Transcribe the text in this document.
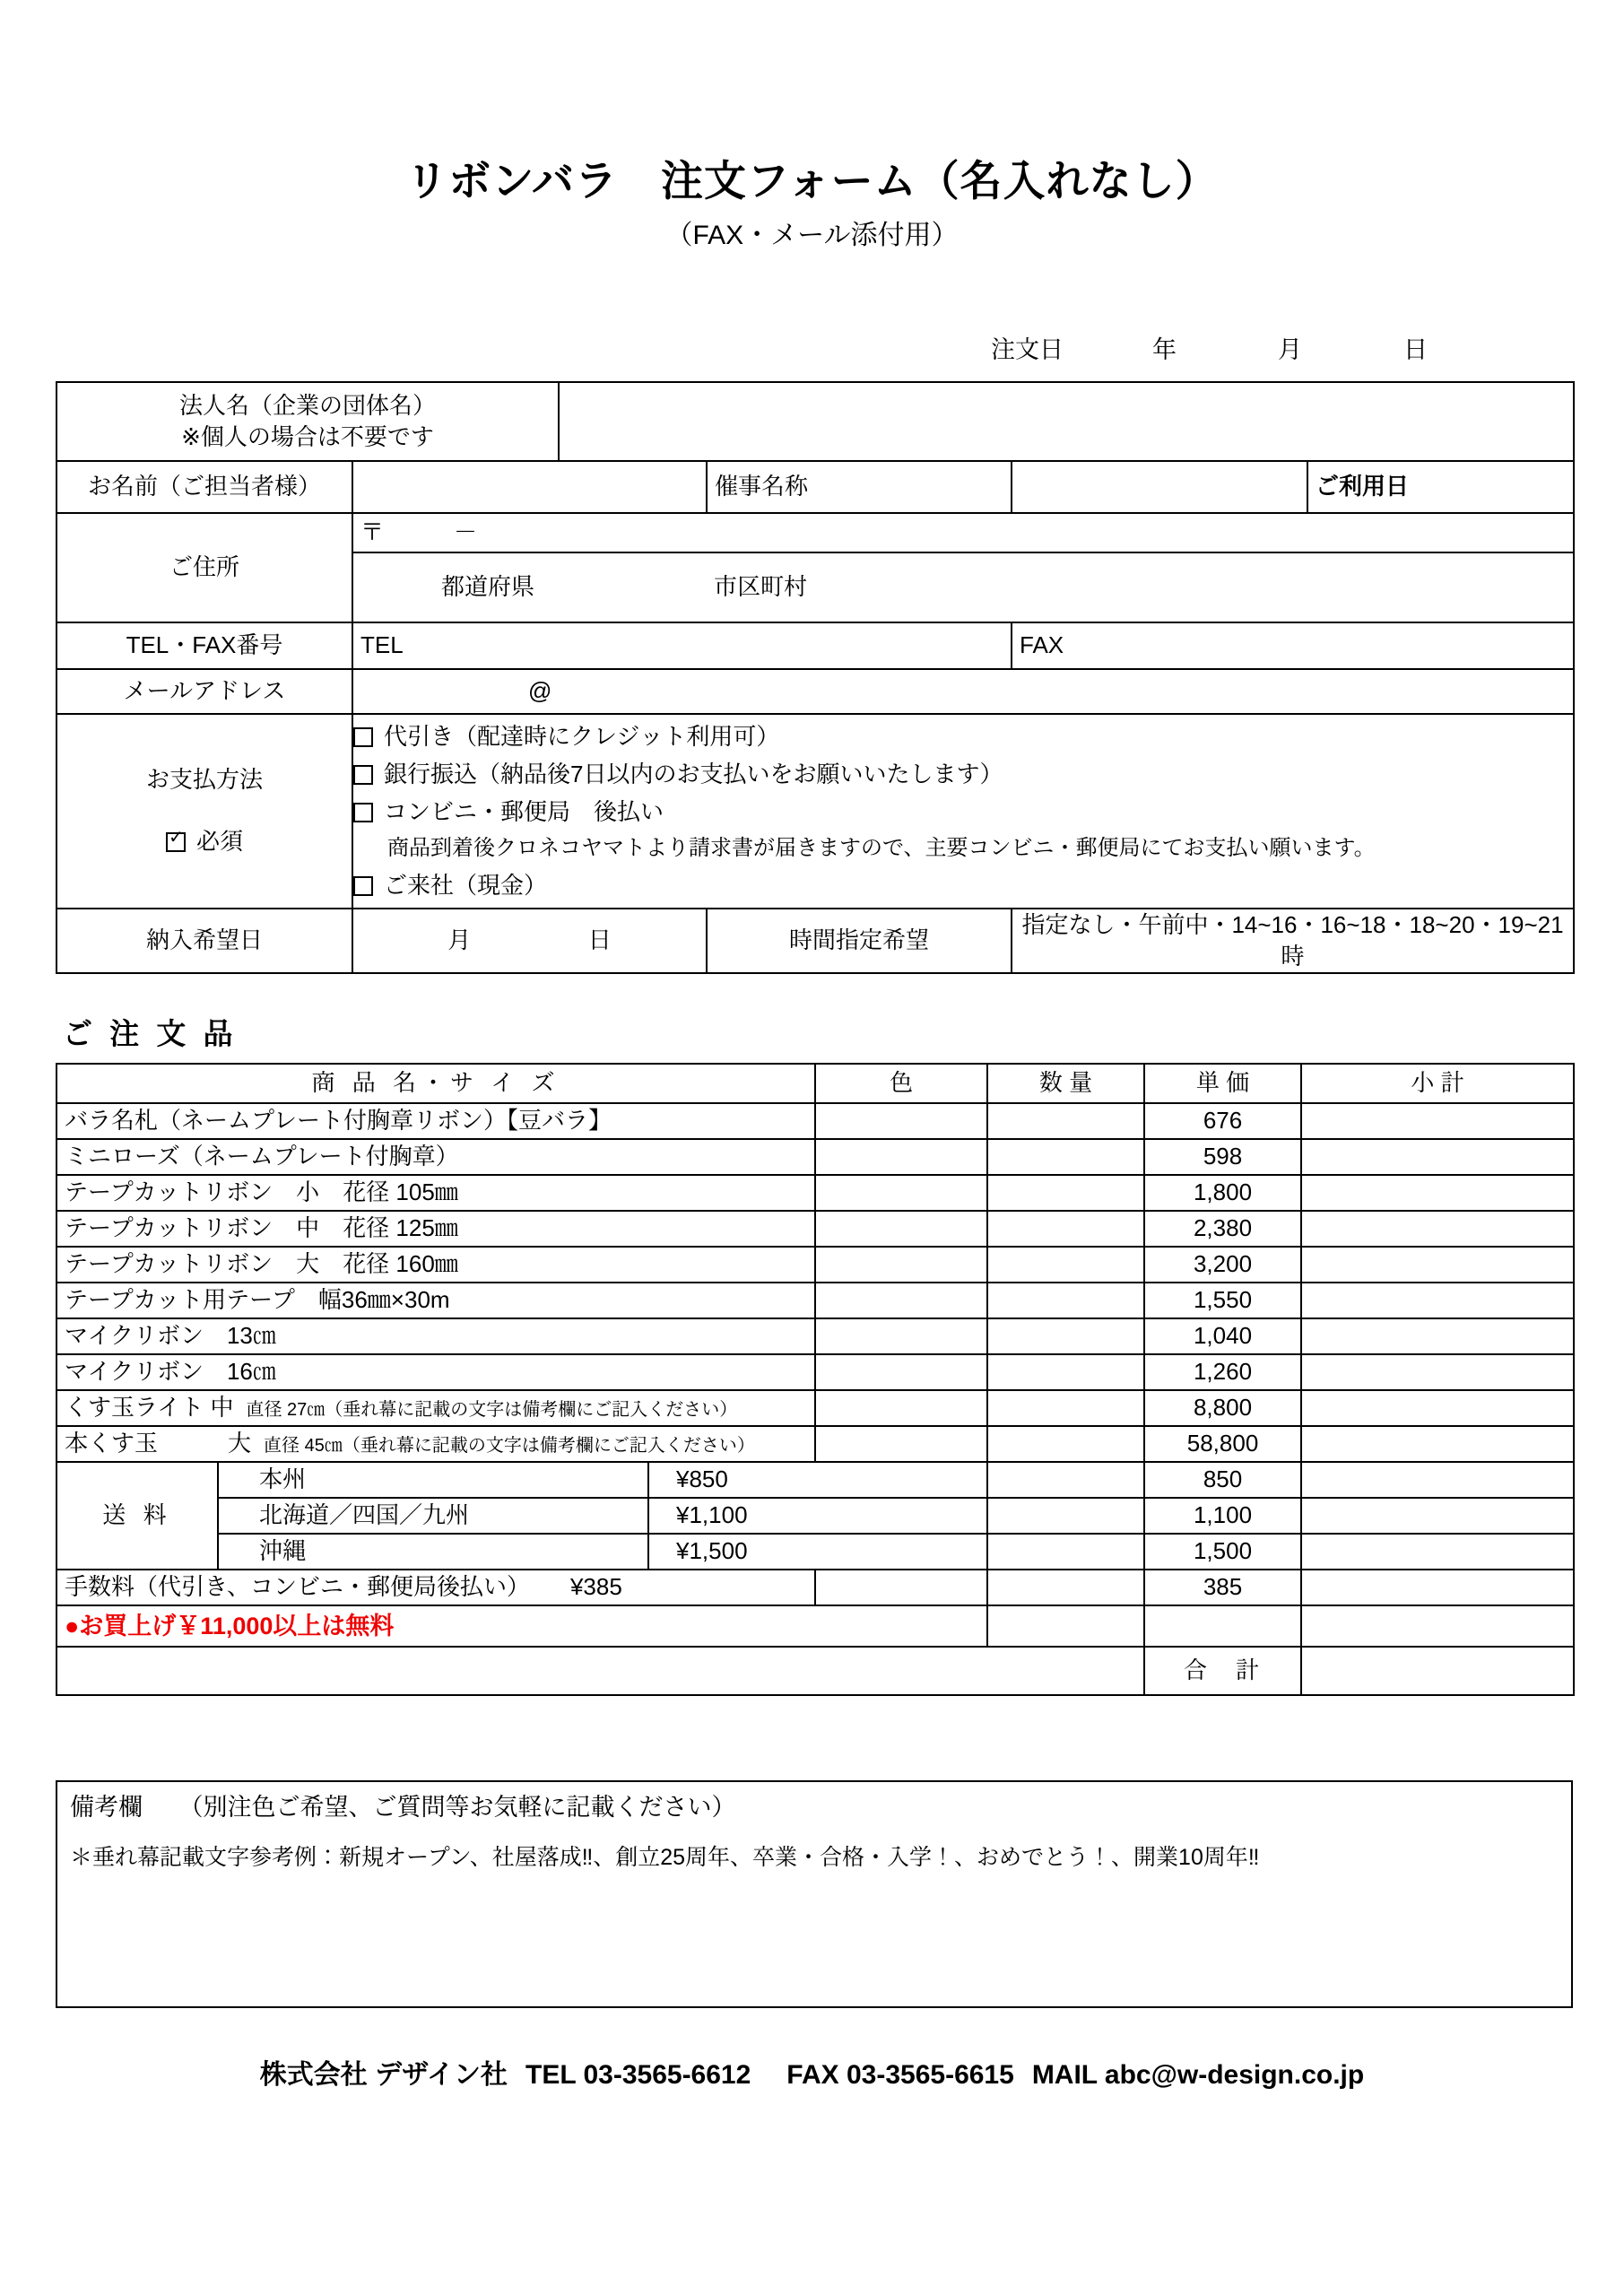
リボンバラ　注文フォーム（名入れなし）
（FAX・メール添付用）
注文日	年	月	日
法人名（企業の団体名）
※個人の場合は不要です					
お名前（ご担当者様）			催事名称		ご利用日
ご住所	〒　　　－				

	都道府県 市区町村				

TEL・FAX番号	TEL			FAX	
メールアドレス	@				

お支払方法
✓必須

代引き（配達時にクレジット利用可）
銀行振込（納品後7日以内のお支払いをお願いいたします）
コンビニ・郵便局　後払い
商品到着後クロネコヤマトより請求書が届きますので、主要コンビニ・郵便局にてお支払い願います。
ご来社（現金）

納入希望日	月 日		時間指定希望	指定なし・午前中・14~16・16~18・18~20・19~21時	
ご 注 文 品
商 品 名・サ イ ズ			色	数 量	単 価	小 計
バラ名札（ネームプレート付胸章リボン）【豆バラ】					676	
ミニローズ（ネームプレート付胸章）					598	
テープカットリボン　小　花径 105㎜					1,800	
テープカットリボン　中　花径 125㎜					2,380	
テープカットリボン　大　花径 160㎜					3,200	
テープカット用テープ　幅36㎜×30m					1,550	
マイクリボン　13㎝					1,040	
マイクリボン　16㎝					1,260	

くす玉ライト 中 直径 27㎝（垂れ幕に記載の文字は備考欄にご記入ください）					8,800	

本くす玉　　　大 直径 45㎝（垂れ幕に記載の文字は備考欄にご記入ください）					58,800	
送 料	本州	¥850			850	
	北海道／四国／九州	¥1,100			1,100	
	沖縄	¥1,500			1,500	

手数料（代引き、コンビニ・郵便局後払い） ¥385					385	
●お買上げ￥11,000以上は無料						
					合　計	
備考欄　　（別注色ご希望、ご質問等お気軽に記載ください）
＊垂れ幕記載文字参考例：新規オープン、社屋落成‼、創立25周年、卒業・合格・入学！、おめでとう！、開業10周年‼
株式会社 デザイン社 TEL 03-3565-6612 FAX 03-3565-6615 MAIL abc@w-design.co.jp
